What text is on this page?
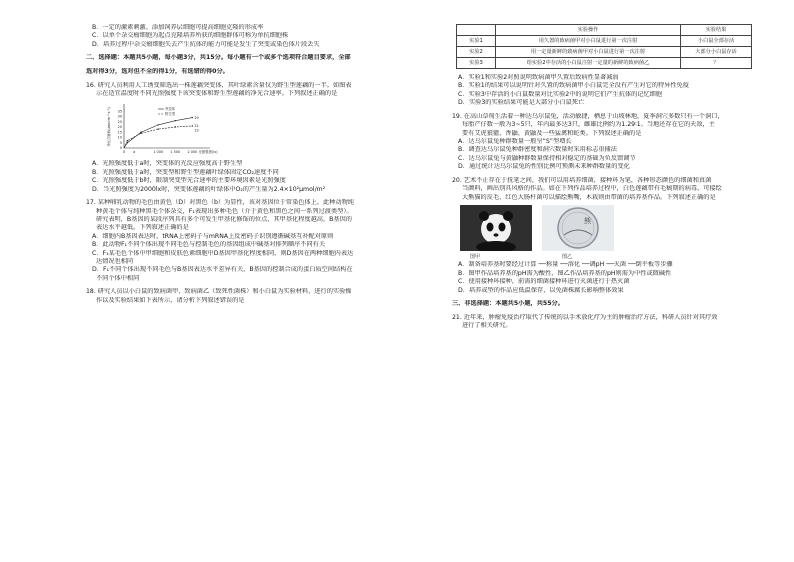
B．一定的激素刺激、添加饲养层细胞可提高细胞克隆的形成率
C．以单个杂交瘤细胞为起点克隆培养所获的细胞群体可称为单抗细胞株
D．培养过程中杂交瘤细胞失去产生抗体的能力可能是发生了突变或染色体片段丢失
二、选择题：本题共5小题，每小题3分，共15分。每小题有一个或多个选项符合题目要求，全部
选对得3分，选对但不全的得1分，有选错的得0分。
16. 研究人员利用人工诱变筛选出一株莲藕突变体，其叶绿素含量仅为野生型莲藕的一半。如图表
示在适宜温度时不同光照强度下该突变体和野生型莲藕的净光合速率。下列叙述正确的是
0 a	1 000 1 500 2 000
0
5
10
15
20
25
30
35
光照强度(lx)
净光合速率(μmol·m⁻²·s⁻¹)	突变体
野生型
29
21
19
A．光照强度低于a时，突变体的光反应强度高于野生型
B．光照强度低于a时，突变型和野生型莲藕叶绿体固定CO₂速度不同
C．光照强度低于b时，限制突变型光合速率的主要环境因素是光照强度
D．当光照强度为2000lx时，突变体莲藕的叶绿体中O₂的产生量为2.4×10²μmol/m²
17. 某种哺乳动物的毛色由黄色（D）对黑色（b）为显性，该对基因位于常染色体上。此种动物纯
种黄毛个体与纯种黑毛个体杂交，F₁表现出多种毛色（介于黄色和黑色之间一系列过渡类型）。
研究表明，B基因的某段序列具有多个可发生甲基化修饰的位点，其甲基化程度越高，B基因的
表达水平越低。下列叙述正确的是
A．细胞内B基因表达时，tRNA上密码子与mRNA上反密码子识别遵循碱基互补配对原则
B．此动物F₁不同个体出现不同毛色与控制毛色的基因组成中碱基对排列顺序不同有关
C．F₁某毛色个体中甲细胞和皮肤色素细胞中D基因甲基化程度相同，则D基因在两种细胞内表达
达情况也相同
D．F₁不同个体出现不同毛色与B基因表达水平差异有关，B基因的控制合成的蛋白质空间结构在
不同个体中相同
18. 研究人员以小白鼠的致病菌甲、致病菌乙（致死性菌株）和小白鼠为实验材料，进行的实验操
作以及实验结果如下表所示，请分析下列叙述错误的是
	实验操作	实验结果
实验1	用久置的致病菌甲对小白鼠进行第一次注射	小白鼠全部存活
实验2	用一定量新鲜的致病菌甲对小白鼠进行第一次注射	大部分小白鼠存活
实验3	给实验2中存活的小白鼠注射一定量的新鲜的致病菌乙	？
A．实验1和实验2对照说明致病菌甲久置后致病性显著减弱
B．实验1的结果可以说明针对久置的致病菌甲小白鼠完全没有产生对它的特异性免疫
C．实验3中存活的小白鼠数量对比实验2中的说明它们产生抗体的记忆细胞
D．实验3的实验结果可能是大部分小白鼠死亡
19. 在高山草甸生活着一种达乌尔鼠兔，活动敏捷，栖息于山坡林地，夏季洞穴多数只有一个洞口，
每胎产仔数一般为3~5只，年内最多达3只，雌雄比例约为1.29∶1。当地还存在它的天敌，主
要有艾虎狼獾、香鼬、黄鼬及一些猛禽和蛇类。下列叙述正确的是
A．达乌尔鼠兔种群数量一般呈“S”型增长
B．调查达乌尔鼠兔种群密度和洞穴数量时采用标志重捕法
C．达乌尔鼠兔与黄鼬种群数量保持相对稳定的基础为负反馈调节
D．通过统计达乌尔鼠兔的性别比例可预测未来种群数量的变化
20. 艺术不止存在于抚笔之间，我们可以用培养细菌，接种环为笔，各种形态颜色的细菌和真菌
当颜料，画出别具风格的作品。如在下列作品培养过程中，白色莲藕带有毛稿期的病毒，可接绘
大熊猫的皮毛，红色大肠杆菌可以描绘熊嘴，木栽则由带菌的培养基作品。下列叙述正确的是
熊
图甲	图乙
A．制备培养基时要经过计算 ──称量 ──溶化 ──调pH ──灭菌 ──倒平板等步骤
B．图甲作品培养基的pH需为酸性，图乙作品培养基的pH则需为中性或微碱性
C．使用接种环接种，前需的细菌接种环进行灭菌进行于热灭菌
D．培养或型的作品应低温保存，以免菌株腐长影响整体效果
三、非选择题：本题共5小题，共55分。
21. 近年来，肿瘤免疫治疗取代了传统的以手术放化疗为主的肿瘤治疗方法，科研人员针对其疗效
进行了相关研究。
